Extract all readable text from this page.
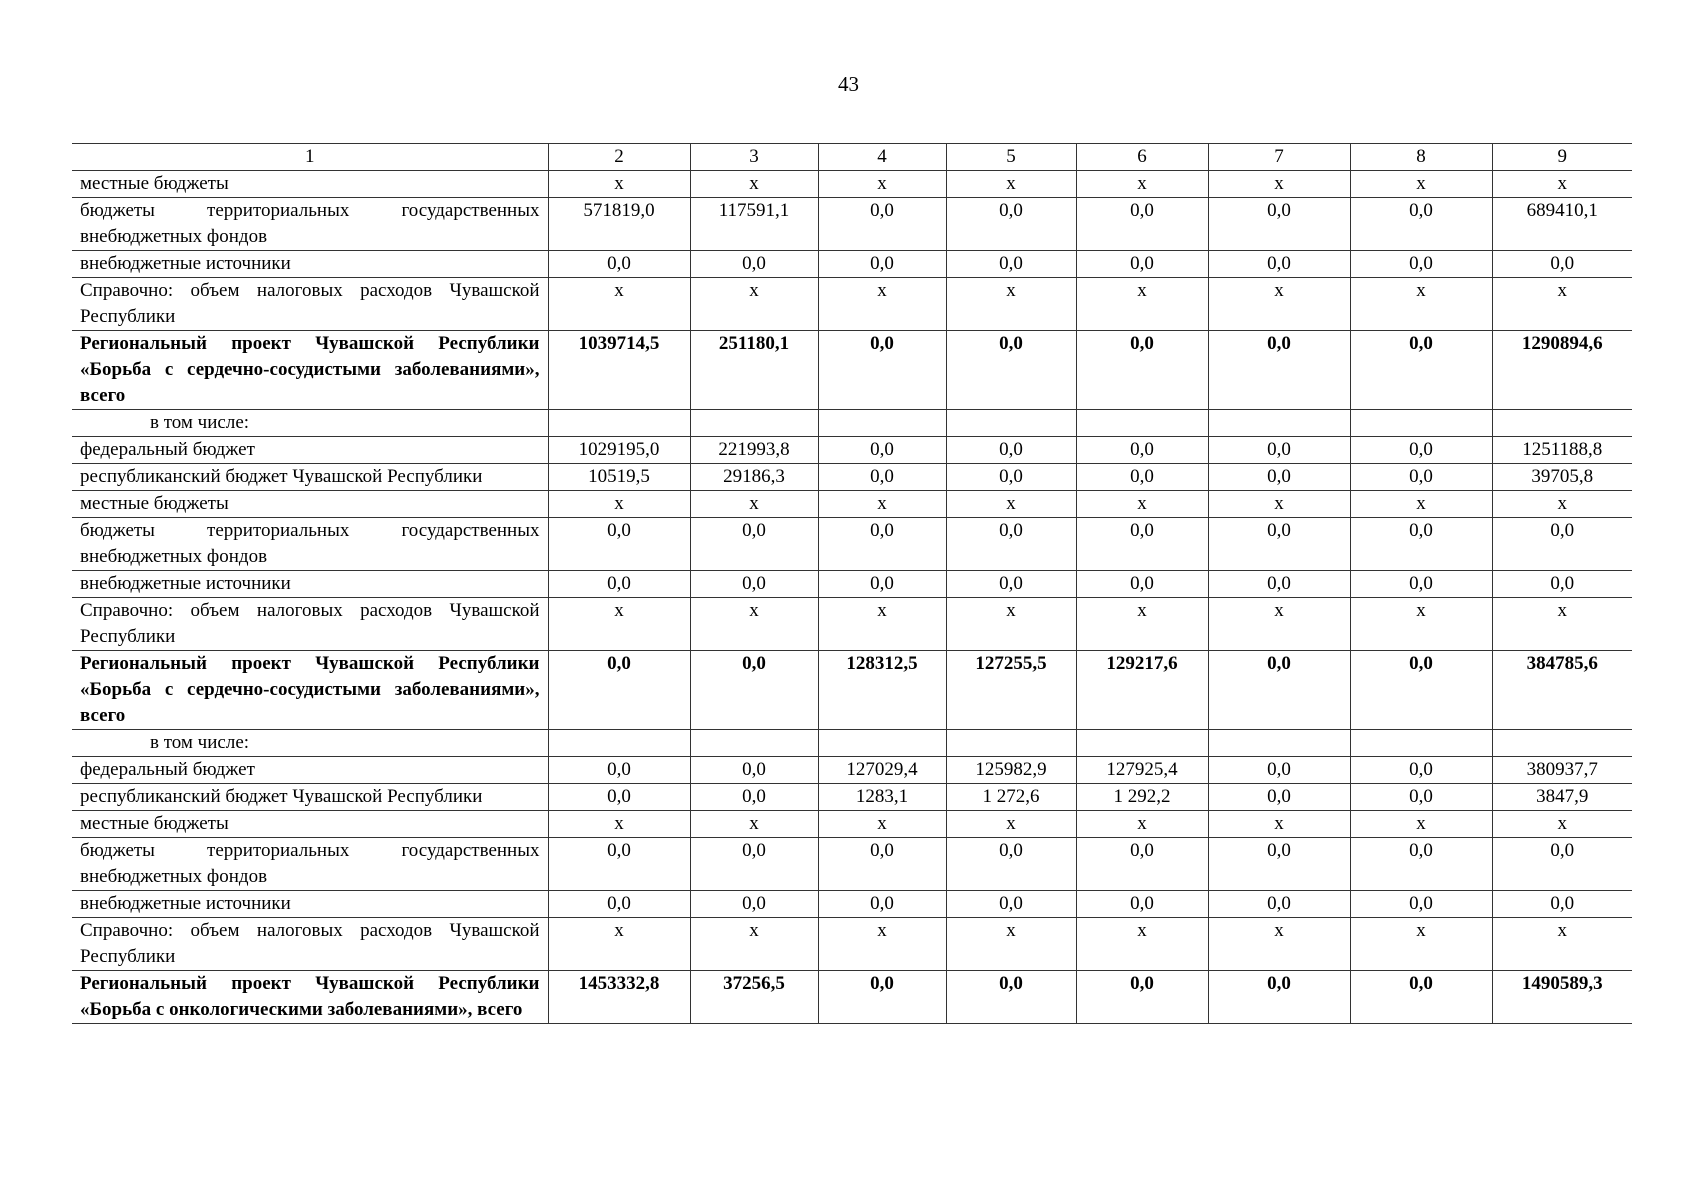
43
1	2	3	4	5	6	7	8	9
местные бюджеты	x	x	x	x	x	x	x	x
бюджеты территориальных государственных внебюджетных фондов	571819,0	117591,1	0,0	0,0	0,0	0,0	0,0	689410,1
внебюджетные источники	0,0	0,0	0,0	0,0	0,0	0,0	0,0	0,0
Справочно: объем налоговых расходов Чувашской Республики	x	x	x	x	x	x	x	x
Региональный проект Чувашской Республики «Борьба с сердечно-сосудистыми заболеваниями», всего	1039714,5	251180,1	0,0	0,0	0,0	0,0	0,0	1290894,6
в том числе:								
федеральный бюджет	1029195,0	221993,8	0,0	0,0	0,0	0,0	0,0	1251188,8
республиканский бюджет Чувашской Республики	10519,5	29186,3	0,0	0,0	0,0	0,0	0,0	39705,8
местные бюджеты	x	x	x	x	x	x	x	x
бюджеты территориальных государственных внебюджетных фондов	0,0	0,0	0,0	0,0	0,0	0,0	0,0	0,0
внебюджетные источники	0,0	0,0	0,0	0,0	0,0	0,0	0,0	0,0
Справочно: объем налоговых расходов Чувашской Республики	x	x	x	x	x	x	x	x
Региональный проект Чувашской Республики «Борьба с сердечно-сосудистыми заболеваниями», всего	0,0	0,0	128312,5	127255,5	129217,6	0,0	0,0	384785,6
в том числе:								
федеральный бюджет	0,0	0,0	127029,4	125982,9	127925,4	0,0	0,0	380937,7
республиканский бюджет Чувашской Республики	0,0	0,0	1283,1	1 272,6	1 292,2	0,0	0,0	3847,9
местные бюджеты	x	x	x	x	x	x	x	x
бюджеты территориальных государственных внебюджетных фондов	0,0	0,0	0,0	0,0	0,0	0,0	0,0	0,0
внебюджетные источники	0,0	0,0	0,0	0,0	0,0	0,0	0,0	0,0
Справочно: объем налоговых расходов Чувашской Республики	x	x	x	x	x	x	x	x
Региональный проект Чувашской Республики «Борьба с онкологическими заболеваниями», всего	1453332,8	37256,5	0,0	0,0	0,0	0,0	0,0	1490589,3
